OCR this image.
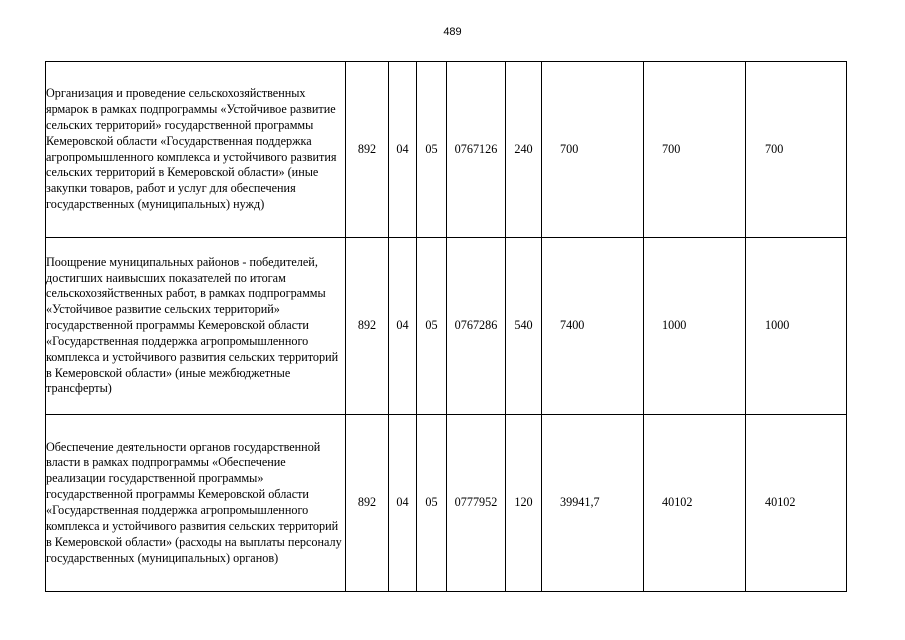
489
Организация и проведение сельскохозяйственных ярмарок в рамках подпрограммы «Устойчивое развитие сельских территорий» государственной программы Кемеровской области «Государственная поддержка агропромышленного комплекса и устойчивого развития сельских территорий в Кемеровской области» (иные закупки товаров, работ и услуг для обеспечения государственных (муниципальных) нужд)	892	04	05	0767126	240	700	700	700
Поощрение муниципальных районов - победителей, достигших наивысших показателей по итогам сельскохозяйственных работ, в рамках подпрограммы «Устойчивое развитие сельских территорий» государственной программы Кемеровской области «Государственная поддержка агропромышленного комплекса и устойчивого развития сельских территорий в Кемеровской области» (иные межбюджетные трансферты)	892	04	05	0767286	540	7400	1000	1000
Обеспечение деятельности органов государственной власти в рамках подпрограммы «Обеспечение реализации государственной программы» государственной программы Кемеровской области «Государственная поддержка агропромышленного комплекса и устойчивого развития сельских территорий в Кемеровской области» (расходы на выплаты персоналу государственных (муниципальных) органов)	892	04	05	0777952	120	39941,7	40102	40102
